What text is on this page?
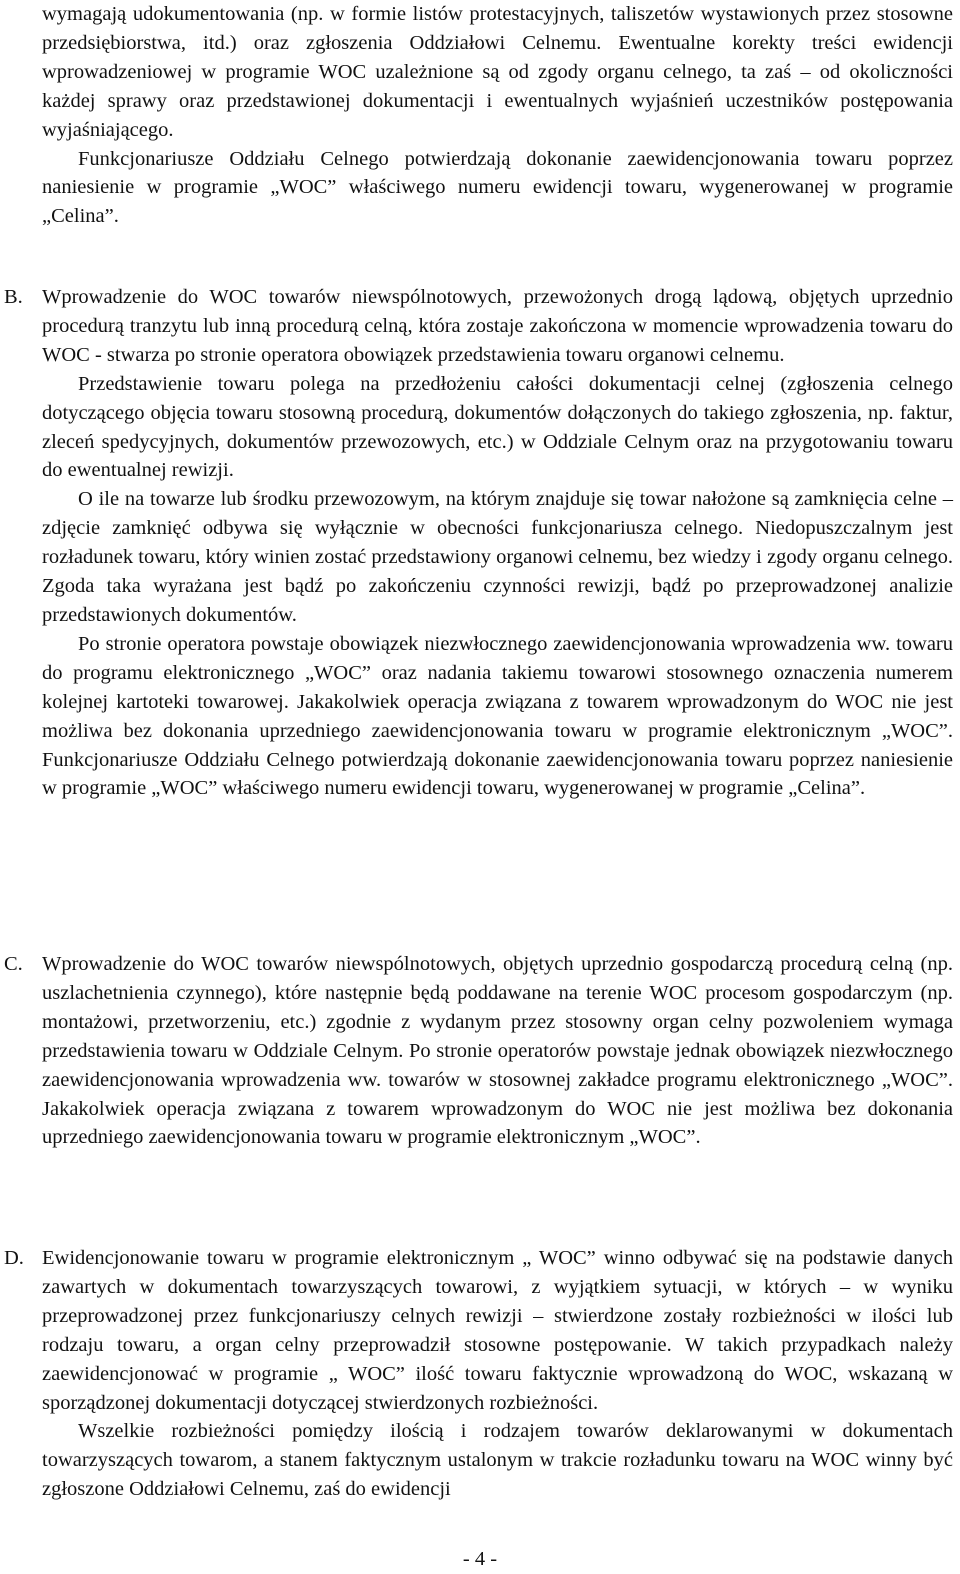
wymagają udokumentowania (np. w formie listów protestacyjnych, taliszetów wystawionych przez stosowne przedsiębiorstwa, itd.) oraz zgłoszenia Oddziałowi Celnemu. Ewentualne korekty treści ewidencji wprowadzeniowej w programie WOC uzależnione są od zgody organu celnego, ta zaś – od okoliczności każdej sprawy oraz przedstawionej dokumentacji i ewentualnych wyjaśnień uczestników postępowania wyjaśniającego.

Funkcjonariusze Oddziału Celnego potwierdzają dokonanie zaewidencjonowania towaru poprzez naniesienie w programie „WOC” właściwego numeru ewidencji towaru, wygenerowanej w programie „Celina”.

B. Wprowadzenie do WOC towarów niewspólnotowych, przewożonych drogą lądową, objętych uprzednio procedurą tranzytu lub inną procedurą celną, która zostaje zakończona w momencie wprowadzenia towaru do WOC - stwarza po stronie operatora obowiązek przedstawienia towaru organowi celnemu.

Przedstawienie towaru polega na przedłożeniu całości dokumentacji celnej (zgłoszenia celnego dotyczącego objęcia towaru stosowną procedurą, dokumentów dołączonych do takiego zgłoszenia, np. faktur, zleceń spedycyjnych, dokumentów przewozowych, etc.) w Oddziale Celnym oraz na przygotowaniu towaru do ewentualnej rewizji.

O ile na towarze lub środku przewozowym, na którym znajduje się towar nałożone są zamknięcia celne – zdjęcie zamknięć odbywa się wyłącznie w obecności funkcjonariusza celnego. Niedopuszczalnym jest rozładunek towaru, który winien zostać przedstawiony organowi celnemu, bez wiedzy i zgody organu celnego. Zgoda taka wyrażana jest bądź po zakończeniu czynności rewizji, bądź po przeprowadzonej analizie przedstawionych dokumentów.

Po stronie operatora powstaje obowiązek niezwłocznego zaewidencjonowania wprowadzenia ww. towaru do programu elektronicznego „WOC” oraz nadania takiemu towarowi stosownego oznaczenia numerem kolejnej kartoteki towarowej. Jakakolwiek operacja związana z towarem wprowadzonym do WOC nie jest możliwa bez dokonania uprzedniego zaewidencjonowania towaru w programie elektronicznym „WOC”. Funkcjonariusze Oddziału Celnego potwierdzają dokonanie zaewidencjonowania towaru poprzez naniesienie w programie „WOC” właściwego numeru ewidencji towaru, wygenerowanej w programie „Celina”.

C. Wprowadzenie do WOC towarów niewspólnotowych, objętych uprzednio gospodarczą procedurą celną (np. uszlachetnienia czynnego), które następnie będą poddawane na terenie WOC procesom gospodarczym (np. montażowi, przetworzeniu, etc.) zgodnie z wydanym przez stosowny organ celny pozwoleniem wymaga przedstawienia towaru w Oddziale Celnym. Po stronie operatorów powstaje jednak obowiązek niezwłocznego zaewidencjonowania wprowadzenia ww. towarów w stosownej zakładce programu elektronicznego „WOC”. Jakakolwiek operacja związana z towarem wprowadzonym do WOC nie jest możliwa bez dokonania uprzedniego zaewidencjonowania towaru w programie elektronicznym „WOC”.

D. Ewidencjonowanie towaru w programie elektronicznym „ WOC” winno odbywać się na podstawie danych zawartych w dokumentach towarzyszących towarowi, z wyjątkiem sytuacji, w których – w wyniku przeprowadzonej przez funkcjonariuszy celnych rewizji – stwierdzone zostały rozbieżności w ilości lub rodzaju towaru, a organ celny przeprowadził stosowne postępowanie. W takich przypadkach należy zaewidencjonować w programie „ WOC” ilość towaru faktycznie wprowadzoną do WOC, wskazaną w sporządzonej dokumentacji dotyczącej stwierdzonych rozbieżności.

Wszelkie rozbieżności pomiędzy ilością i rodzajem towarów deklarowanymi w dokumentach towarzyszących towarom, a stanem faktycznym ustalonym w trakcie rozładunku towaru na WOC winny być zgłoszone Oddziałowi Celnemu, zaś do ewidencji

- 4 -
